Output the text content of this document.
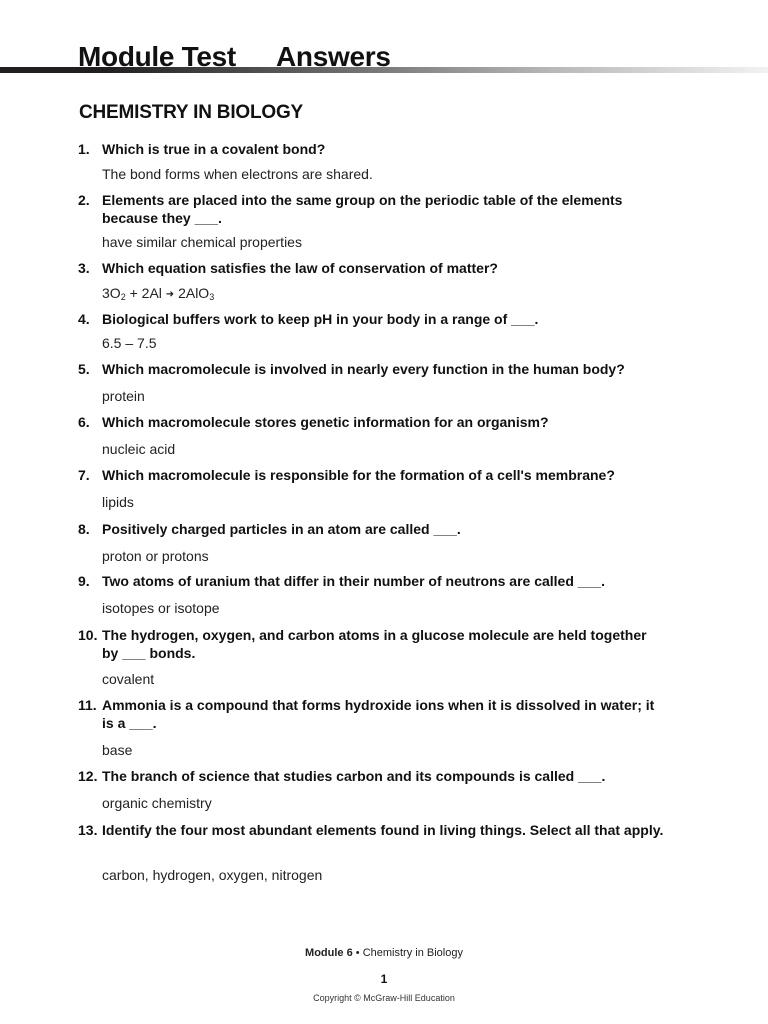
Module Test Answers
CHEMISTRY IN BIOLOGY
1. Which is true in a covalent bond?
The bond forms when electrons are shared.
2. Elements are placed into the same group on the periodic table of the elements because they ___.
have similar chemical properties
3. Which equation satisfies the law of conservation of matter?
$3O_2 + 2Al$ ➜ 2AlO$_3$
4. Biological buffers work to keep pH in your body in a range of ___.
6.5 – 7.5
5. Which macromolecule is involved in nearly every function in the human body?
protein
6. Which macromolecule stores genetic information for an organism?
nucleic acid
7. Which macromolecule is responsible for the formation of a cell's membrane?
lipids
8. Positively charged particles in an atom are called ___.
proton or protons
9. Two atoms of uranium that differ in their number of neutrons are called ___.
isotopes or isotope
10. The hydrogen, oxygen, and carbon atoms in a glucose molecule are held together by ___ bonds.
covalent
11. Ammonia is a compound that forms hydroxide ions when it is dissolved in water; it is a ___.
base
12. The branch of science that studies carbon and its compounds is called ___.
organic chemistry
13. Identify the four most abundant elements found in living things. Select all that apply.
carbon, hydrogen, oxygen, nitrogen
Module 6 • Chemistry in Biology
1
Copyright © McGraw-Hill Education
